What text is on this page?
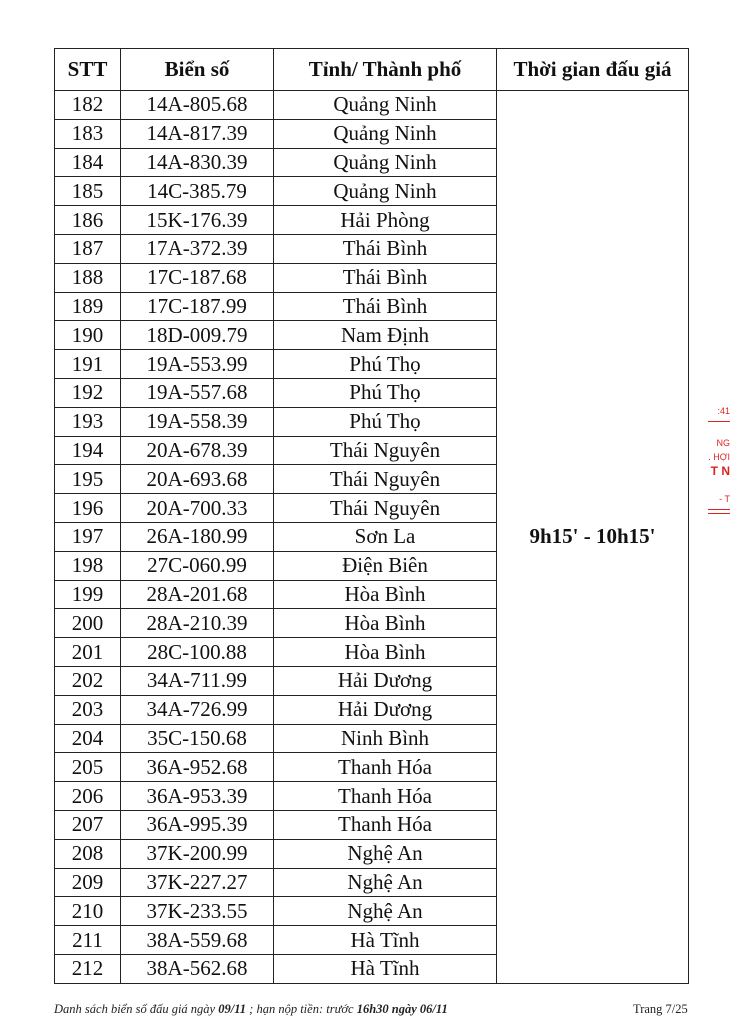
STT	Biển số	Tỉnh/ Thành phố	Thời gian đấu giá
182	14A-805.68	Quảng Ninh	9h15' - 10h15'
183	14A-817.39	Quảng Ninh	
184	14A-830.39	Quảng Ninh	
185	14C-385.79	Quảng Ninh	
186	15K-176.39	Hải Phòng	
187	17A-372.39	Thái Bình	
188	17C-187.68	Thái Bình	
189	17C-187.99	Thái Bình	
190	18D-009.79	Nam Định	
191	19A-553.99	Phú Thọ	
192	19A-557.68	Phú Thọ	
193	19A-558.39	Phú Thọ	
194	20A-678.39	Thái Nguyên	
195	20A-693.68	Thái Nguyên	
196	20A-700.33	Thái Nguyên	
197	26A-180.99	Sơn La	
198	27C-060.99	Điện Biên	
199	28A-201.68	Hòa Bình	
200	28A-210.39	Hòa Bình	
201	28C-100.88	Hòa Bình	
202	34A-711.99	Hải Dương	
203	34A-726.99	Hải Dương	
204	35C-150.68	Ninh Bình	
205	36A-952.68	Thanh Hóa	
206	36A-953.39	Thanh Hóa	
207	36A-995.39	Thanh Hóa	
208	37K-200.99	Nghệ An	
209	37K-227.27	Nghệ An	
210	37K-233.55	Nghệ An	
211	38A-559.68	Hà Tĩnh	
212	38A-562.68	Hà Tĩnh	
Danh sách biển số đấu giá ngày 09/11 ; hạn nộp tiền: trước 16h30 ngày 06/11	Trang 7/25
:41
NG
. HỢI
T N
- T
